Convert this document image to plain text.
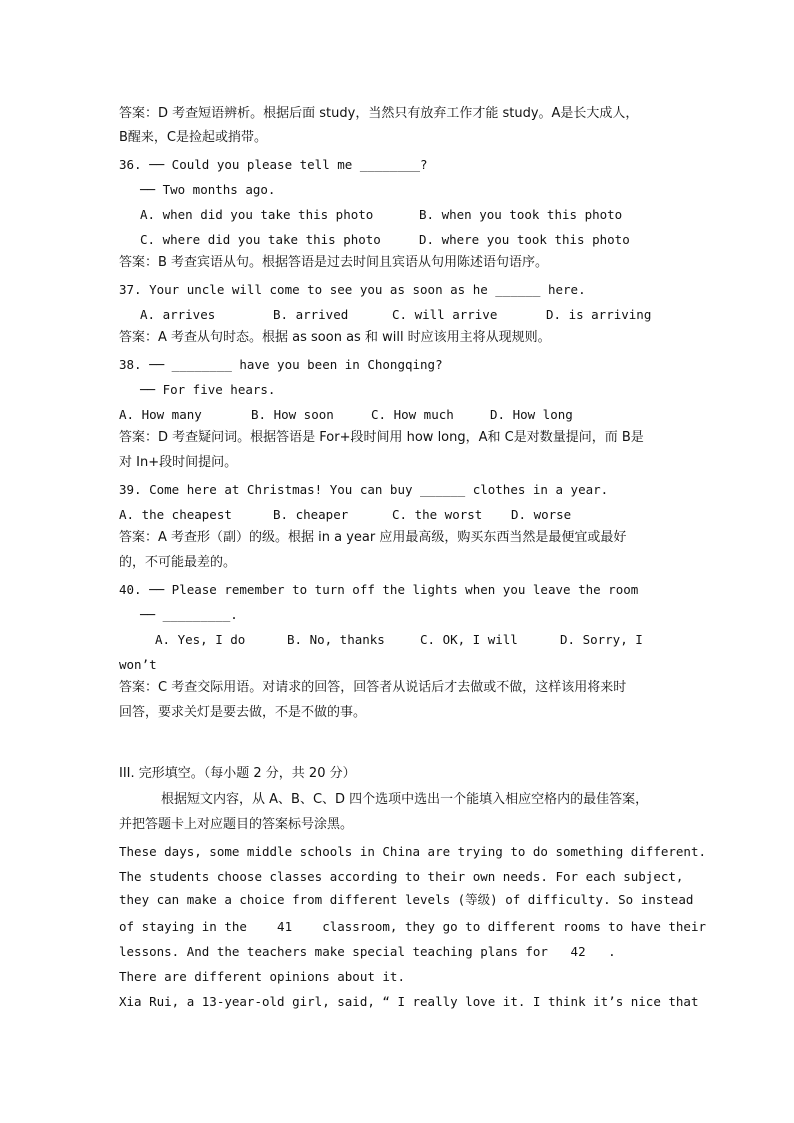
答案：D 考查短语辨析。根据后面 study，当然只有放弃工作才能 study。A是长大成人，
B醒来，C是捡起或捎带。
36. ── Could you please tell me ________?
── Two months ago.
A. when did you take this photo	B. when you took this photo
C. where did you take this photo	D. where you took this photo
答案：B 考查宾语从句。根据答语是过去时间且宾语从句用陈述语句语序。
37. Your uncle will come to see you as soon as he ______ here.
A. arrives	B. arrived	C. will arrive	D. is arriving
答案：A 考查从句时态。根据 as soon as 和 will 时应该用主将从现规则。
38. ── ________ have you been in Chongqing?
── For five hears.
A. How many	B. How soon	C. How much	D. How long
答案：D 考查疑问词。根据答语是 For+段时间用 how long，A和 C是对数量提问，而 B是
对 In+段时间提问。
39. Come here at Christmas! You can buy ______ clothes in a year.
A. the cheapest	B. cheaper	C. the worst D. worse
答案：A 考查形（副）的级。根据 in a year 应用最高级，购买东西当然是最便宜或最好
的，不可能最差的。
40. ── Please remember to turn off the lights when you leave the room
── _________.
A. Yes, I do	B. No, thanks	C. OK, I will	D. Sorry, I
won’t
答案：C 考查交际用语。对请求的回答，回答者从说话后才去做或不做，这样该用将来时
回答，要求关灯是要去做，不是不做的事。
III. 完形填空。（每小题 2 分，共 20 分）
根据短文内容，从 A、B、C、D 四个选项中选出一个能填入相应空格内的最佳答案，
并把答题卡上对应题目的答案标号涂黑。
These days, some middle schools in China are trying to do something different.
The students choose classes according to their own needs. For each subject,
they can make a choice from different levels (等级) of difficulty. So instead
of staying in the    41    classroom, they go to different rooms to have their
lessons. And the teachers make special teaching plans for   42   .
There are different opinions about it.
Xia Rui, a 13-year-old girl, said, “ I really love it. I think it’s nice that
